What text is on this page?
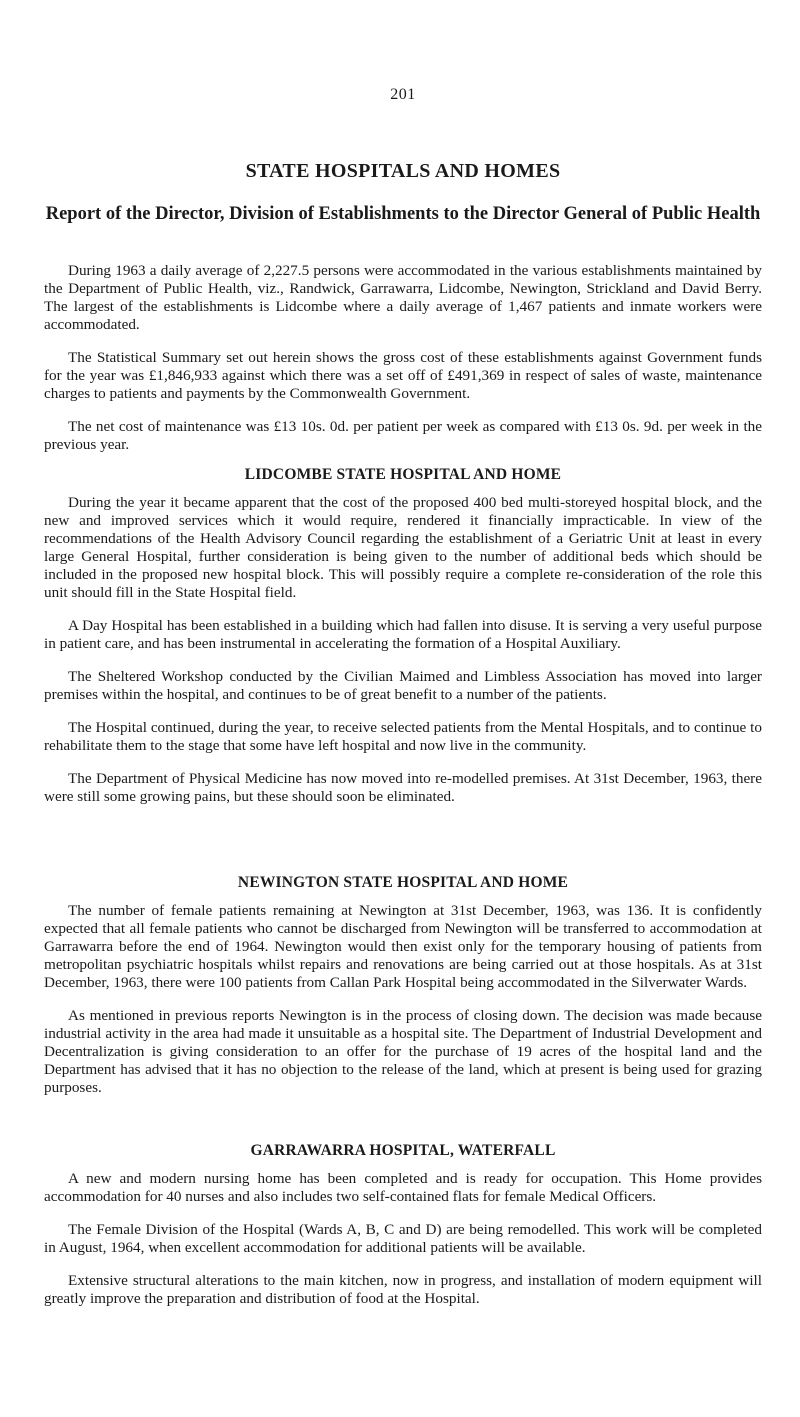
201
STATE HOSPITALS AND HOMES
Report of the Director, Division of Establishments to the Director General of Public Health

During 1963 a daily average of 2,227.5 persons were accommodated in the various establishments maintained by the Department of Public Health, viz., Randwick, Garrawarra, Lidcombe, Newington, Strickland and David Berry. The largest of the establishments is Lidcombe where a daily average of 1,467 patients and inmate workers were accommodated.

The Statistical Summary set out herein shows the gross cost of these establishments against Government funds for the year was £1,846,933 against which there was a set off of £491,369 in respect of sales of waste, maintenance charges to patients and payments by the Commonwealth Government.

The net cost of maintenance was £13 10s. 0d. per patient per week as compared with £13 0s. 9d. per week in the previous year.

LIDCOMBE STATE HOSPITAL AND HOME

During the year it became apparent that the cost of the proposed 400 bed multi-storeyed hospital block, and the new and improved services which it would require, rendered it financially impracticable. In view of the recommendations of the Health Advisory Council regarding the establishment of a Geriatric Unit at least in every large General Hospital, further consideration is being given to the number of additional beds which should be included in the proposed new hospital block. This will possibly require a complete re-consideration of the role this unit should fill in the State Hospital field.

A Day Hospital has been established in a building which had fallen into disuse. It is serving a very useful purpose in patient care, and has been instrumental in accelerating the formation of a Hospital Auxiliary.

The Sheltered Workshop conducted by the Civilian Maimed and Limbless Association has moved into larger premises within the hospital, and continues to be of great benefit to a number of the patients.

The Hospital continued, during the year, to receive selected patients from the Mental Hospitals, and to continue to rehabilitate them to the stage that some have left hospital and now live in the community.

The Department of Physical Medicine has now moved into re-modelled premises. At 31st December, 1963, there were still some growing pains, but these should soon be eliminated.

NEWINGTON STATE HOSPITAL AND HOME

The number of female patients remaining at Newington at 31st December, 1963, was 136. It is confidently expected that all female patients who cannot be discharged from Newington will be transferred to accommodation at Garrawarra before the end of 1964. Newington would then exist only for the temporary housing of patients from metropolitan psychiatric hospitals whilst repairs and renovations are being carried out at those hospitals. As at 31st December, 1963, there were 100 patients from Callan Park Hospital being accommodated in the Silverwater Wards.

As mentioned in previous reports Newington is in the process of closing down. The decision was made because industrial activity in the area had made it unsuitable as a hospital site. The Department of Industrial Development and Decentralization is giving consideration to an offer for the purchase of 19 acres of the hospital land and the Department has advised that it has no objection to the release of the land, which at present is being used for grazing purposes.

GARRAWARRA HOSPITAL, WATERFALL

A new and modern nursing home has been completed and is ready for occupation. This Home provides accommodation for 40 nurses and also includes two self-contained flats for female Medical Officers.

The Female Division of the Hospital (Wards A, B, C and D) are being remodelled. This work will be completed in August, 1964, when excellent accommodation for additional patients will be available.

Extensive structural alterations to the main kitchen, now in progress, and installation of modern equipment will greatly improve the preparation and distribution of food at the Hospital.
